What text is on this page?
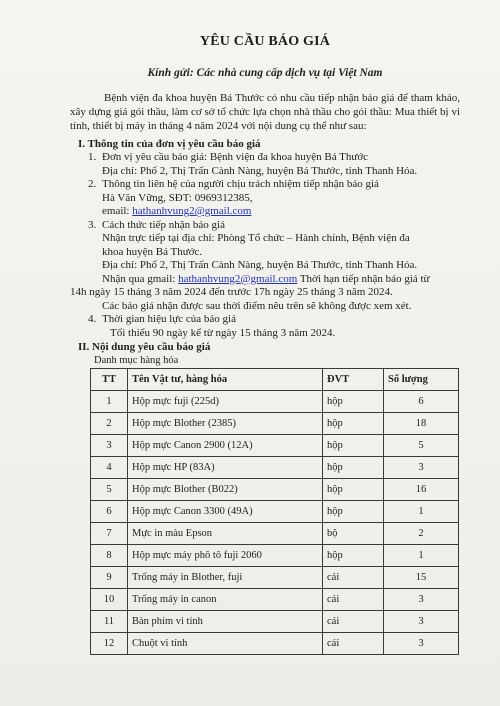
YÊU CẦU BÁO GIÁ
Kính gửi: Các nhà cung cấp dịch vụ tại Việt Nam
Bệnh viện đa khoa huyện Bá Thước có nhu cầu tiếp nhận báo giá để tham khảo, xây dựng giá gói thầu, làm cơ sở tổ chức lựa chọn nhà thầu cho gói thầu: Mua thiết bị vi tính, thiết bị máy in tháng 4 năm 2024 với nội dung cụ thể như sau:
I. Thông tin của đơn vị yêu cầu báo giá
1. Đơn vị yêu cầu báo giá: Bệnh viện đa khoa huyện Bá Thước
Địa chỉ: Phố 2, Thị Trấn Cành Nàng, huyện Bá Thước, tỉnh Thanh Hóa.
2. Thông tin liên hệ của người chịu trách nhiệm tiếp nhận báo giá
Hà Văn Vững, SĐT: 0969312385,
email: hathanhvung2@gmail.com
3. Cách thức tiếp nhận báo giá
Nhận trực tiếp tại địa chỉ: Phòng Tổ chức – Hành chính, Bệnh viện đa
khoa huyện Bá Thước.
Địa chỉ: Phố 2, Thị Trấn Cành Nàng, huyện Bá Thước, tỉnh Thanh Hóa.
Nhận qua gmail: hathanhvung2@gmail.com Thời hạn tiếp nhận báo giá từ
14h ngày 15 tháng 3 năm 2024 đến trước 17h ngày 25 tháng 3 năm 2024.
Các báo giá nhận được sau thời điểm nêu trên sẽ không được xem xét.
4. Thời gian hiệu lực của báo giá
Tối thiểu 90 ngày kể từ ngày 15 tháng 3 năm 2024.
II. Nội dung yêu cầu báo giá
Danh mục hàng hóa
TT	Tên Vật tư, hàng hóa	ĐVT	Số lượng
1	Hộp mực fuji (225d)	hộp	6
2	Hộp mực Blother (2385)	hộp	18
3	Hộp mực Canon 2900 (12A)	hộp	5
4	Hộp mực HP (83A)	hộp	3
5	Hộp mực Blother (B022)	hộp	16
6	Hộp mực Canon 3300 (49A)	hộp	1
7	Mực in màu Epson	bộ	2
8	Hộp mực máy phô tô fuji 2060	hộp	1
9	Trống máy in Blother, fuji	cái	15
10	Trống máy in canon	cái	3
11	Bàn phím vi tính	cái	3
12	Chuột vi tính	cái	3
